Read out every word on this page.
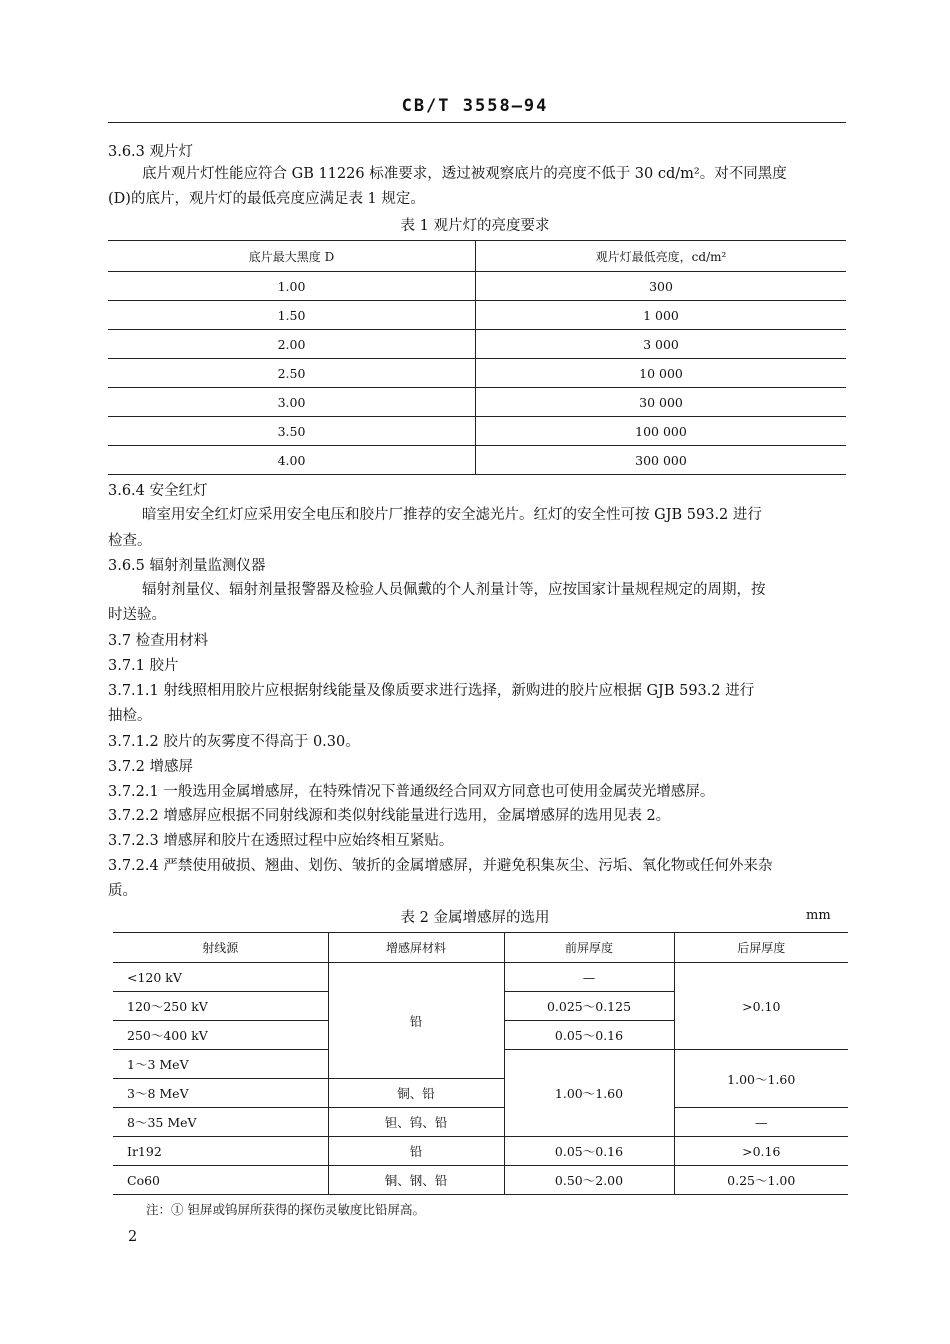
CB/T 3558—94
3.6.3 观片灯
底片观片灯性能应符合 GB 11226 标准要求，透过被观察底片的亮度不低于 30 cd/m²。对不同黑度
(D)的底片，观片灯的最低亮度应满足表 1 规定。
表 1 观片灯的亮度要求
底片最大黑度 D	观片灯最低亮度，cd/m²
1.00	300
1.50	1 000
2.00	3 000
2.50	10 000
3.00	30 000
3.50	100 000
4.00	300 000
3.6.4 安全红灯
暗室用安全红灯应采用安全电压和胶片厂推荐的安全滤光片。红灯的安全性可按 GJB 593.2 进行
检查。
3.6.5 辐射剂量监测仪器
辐射剂量仪、辐射剂量报警器及检验人员佩戴的个人剂量计等，应按国家计量规程规定的周期，按
时送验。
3.7 检查用材料
3.7.1 胶片
3.7.1.1 射线照相用胶片应根据射线能量及像质要求进行选择，新购进的胶片应根据 GJB 593.2 进行
抽检。
3.7.1.2 胶片的灰雾度不得高于 0.30。
3.7.2 增感屏
3.7.2.1 一般选用金属增感屏，在特殊情况下普通级经合同双方同意也可使用金属荧光增感屏。
3.7.2.2 增感屏应根据不同射线源和类似射线能量进行选用，金属增感屏的选用见表 2。
3.7.2.3 增感屏和胶片在透照过程中应始终相互紧贴。
3.7.2.4 严禁使用破损、翘曲、划伤、皱折的金属增感屏，并避免积集灰尘、污垢、氧化物或任何外来杂
质。
表 2 金属增感屏的选用	mm
射线源	增感屏材料	前屏厚度	后屏厚度
<120 kV	铅	—	>0.10
120～250 kV		0.025～0.125	
250～400 kV		0.05～0.16	
1～3 MeV		1.00～1.60	1.00～1.60
3～8 MeV	铜、铅		
8～35 MeV	钽、钨、铅		—
Ir192	铅	0.05～0.16	>0.16
Co60	铜、钢、铅	0.50～2.00	0.25～1.00
注：① 钽屏或钨屏所获得的探伤灵敏度比铅屏高。
2
